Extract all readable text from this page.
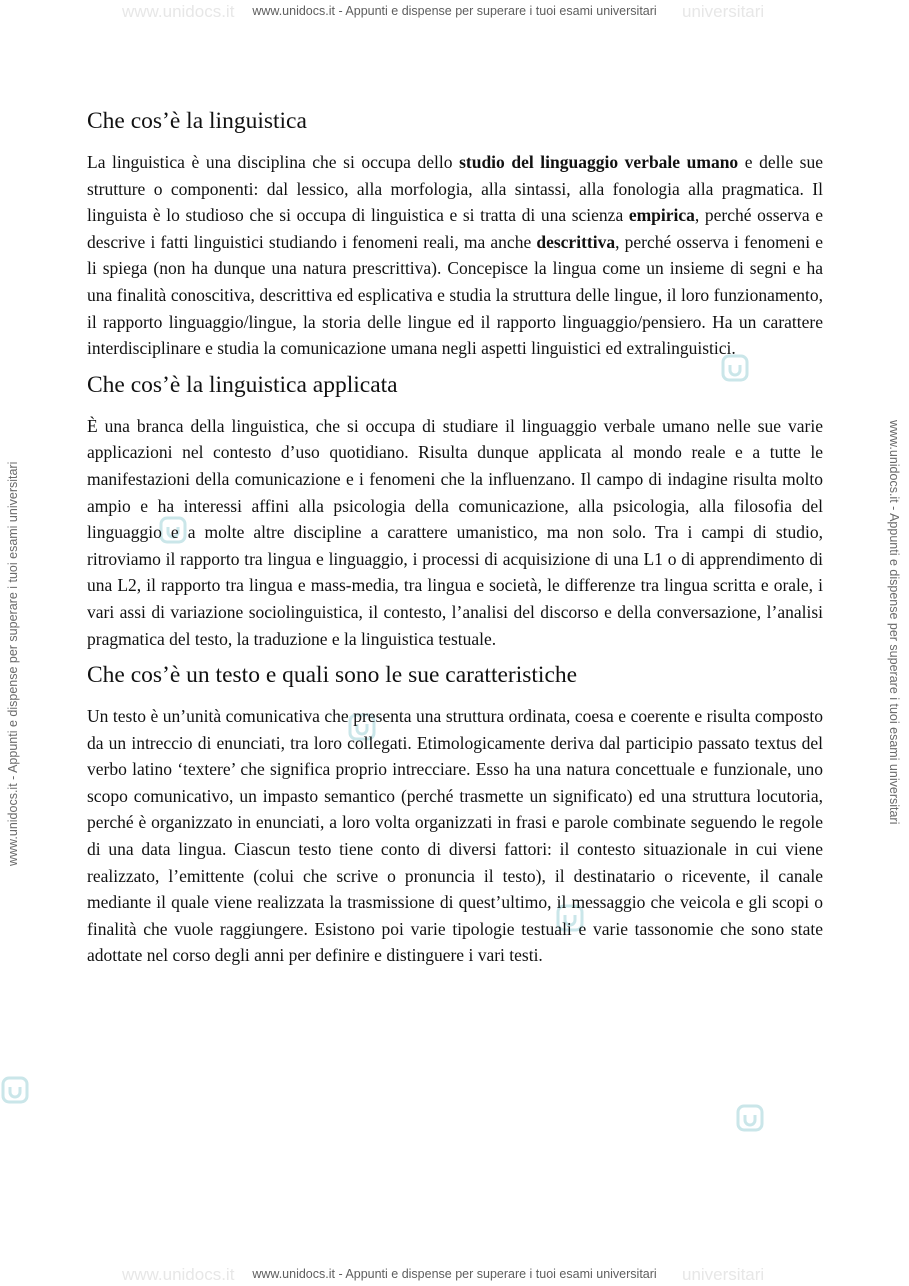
www.unidocs.it	universitari
www.unidocs.it	universitari
www.unidocs.it - Appunti e dispense per superare i tuoi esami universitari
www.unidocs.it - Appunti e dispense per superare i tuoi esami universitari
www.unidocs.it - Appunti e dispense per superare i tuoi esami universitari	www.unidocs.it - Appunti e dispense per superare i tuoi esami universitari
Che cos’è la linguistica

La linguistica è una disciplina che si occupa dello studio del linguaggio verbale umano e delle sue strutture o componenti: dal lessico, alla morfologia, alla sintassi, alla fonologia alla pragmatica. Il linguista è lo studioso che si occupa di linguistica e si tratta di una scienza empirica, perché osserva e descrive i fatti linguistici studiando i fenomeni reali, ma anche descrittiva, perché osserva i fenomeni e li spiega (non ha dunque una natura prescrittiva). Concepisce la lingua come un insieme di segni e ha una finalità conoscitiva, descrittiva ed esplicativa e studia la struttura delle lingue, il loro funzionamento, il rapporto linguaggio/lingue, la storia delle lingue ed il rapporto linguaggio/pensiero. Ha un carattere interdisciplinare e studia la comunicazione umana negli aspetti linguistici ed extralinguistici.

Che cos’è la linguistica applicata

È una branca della linguistica, che si occupa di studiare il linguaggio verbale umano nelle sue varie applicazioni nel contesto d’uso quotidiano. Risulta dunque applicata al mondo reale e a tutte le manifestazioni della comunicazione e i fenomeni che la influenzano. Il campo di indagine risulta molto ampio e ha interessi affini alla psicologia della comunicazione, alla psicologia, alla filosofia del linguaggio e a molte altre discipline a carattere umanistico, ma non solo. Tra i campi di studio, ritroviamo il rapporto tra lingua e linguaggio, i processi di acquisizione di una L1 o di apprendimento di una L2, il rapporto tra lingua e mass-media, tra lingua e società, le differenze tra lingua scritta e orale, i vari assi di variazione sociolinguistica, il contesto, l’analisi del discorso e della conversazione, l’analisi pragmatica del testo, la traduzione e la linguistica testuale.

Che cos’è un testo e quali sono le sue caratteristiche

Un testo è un’unità comunicativa che presenta una struttura ordinata, coesa e coerente e risulta composto da un intreccio di enunciati, tra loro collegati. Etimologicamente deriva dal participio passato textus del verbo latino ‘textere’ che significa proprio intrecciare. Esso ha una natura concettuale e funzionale, uno scopo comunicativo, un impasto semantico (perché trasmette un significato) ed una struttura locutoria, perché è organizzato in enunciati, a loro volta organizzati in frasi e parole combinate seguendo le regole di una data lingua. Ciascun testo tiene conto di diversi fattori: il contesto situazionale in cui viene realizzato, l’emittente (colui che scrive o pronuncia il testo), il destinatario o ricevente, il canale mediante il quale viene realizzata la trasmissione di quest’ultimo, il messaggio che veicola e gli scopi o finalità che vuole raggiungere. Esistono poi varie tipologie testuali e varie tassonomie che sono state adottate nel corso degli anni per definire e distinguere i vari testi.
